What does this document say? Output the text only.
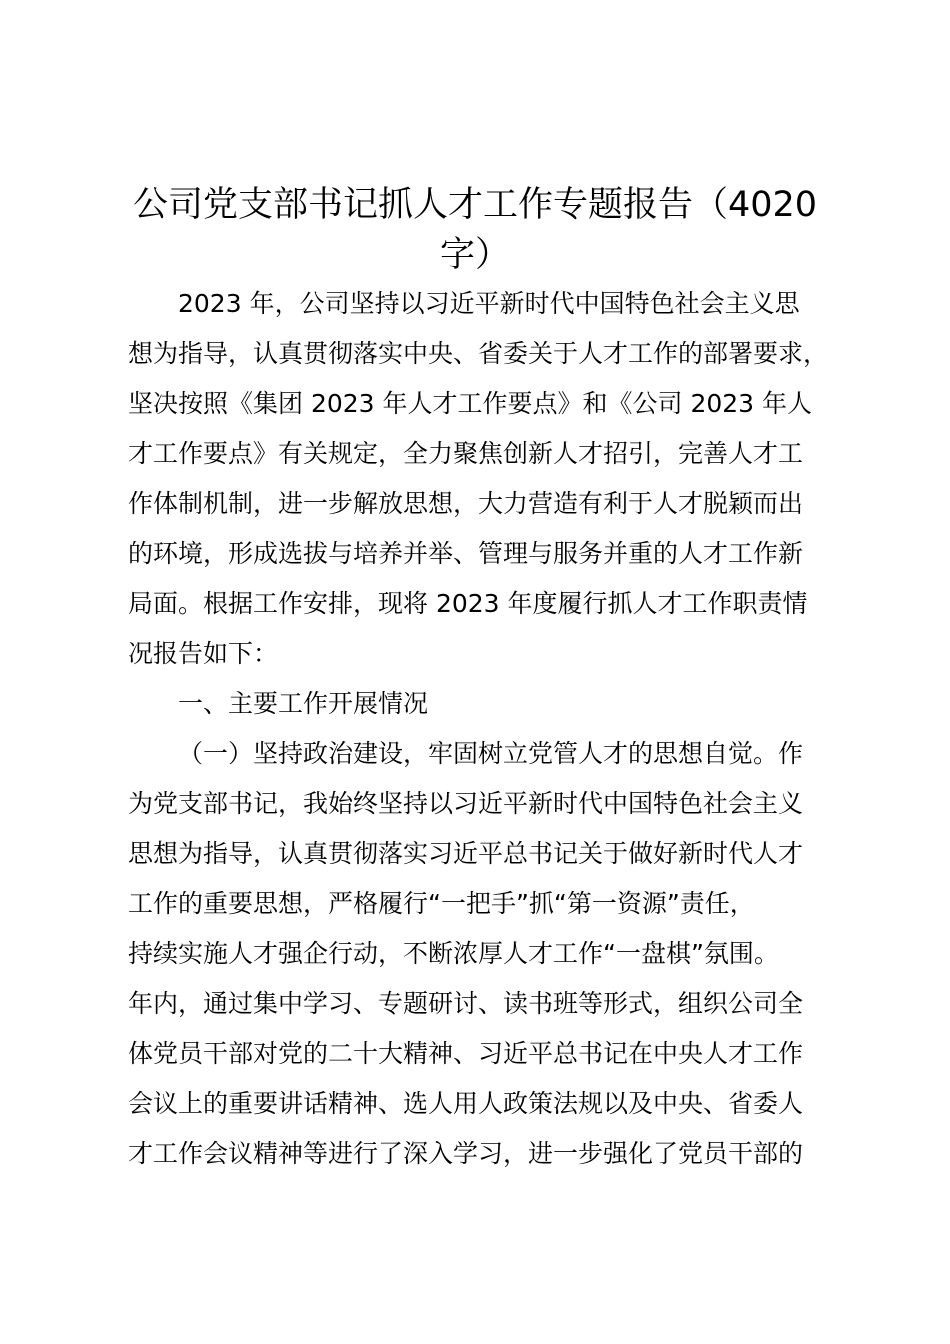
公司党支部书记抓人才工作专题报告（4020
字）
2023 年，公司坚持以习近平新时代中国特色社会主义思
想为指导，认真贯彻落实中央、省委关于人才工作的部署要求，
坚决按照《集团 2023 年人才工作要点》和《公司 2023 年人
才工作要点》有关规定，全力聚焦创新人才招引，完善人才工
作体制机制，进一步解放思想，大力营造有利于人才脱颖而出
的环境，形成选拔与培养并举、管理与服务并重的人才工作新
局面。根据工作安排，现将 2023 年度履行抓人才工作职责情
况报告如下：
一、主要工作开展情况
（一）坚持政治建设，牢固树立党管人才的思想自觉。作
为党支部书记，我始终坚持以习近平新时代中国特色社会主义
思想为指导，认真贯彻落实习近平总书记关于做好新时代人才
工作的重要思想，严格履行“一把手”抓“第一资源”责任，
持续实施人才强企行动，不断浓厚人才工作“一盘棋”氛围。
年内，通过集中学习、专题研讨、读书班等形式，组织公司全
体党员干部对党的二十大精神、习近平总书记在中央人才工作
会议上的重要讲话精神、选人用人政策法规以及中央、省委人
才工作会议精神等进行了深入学习，进一步强化了党员干部的
